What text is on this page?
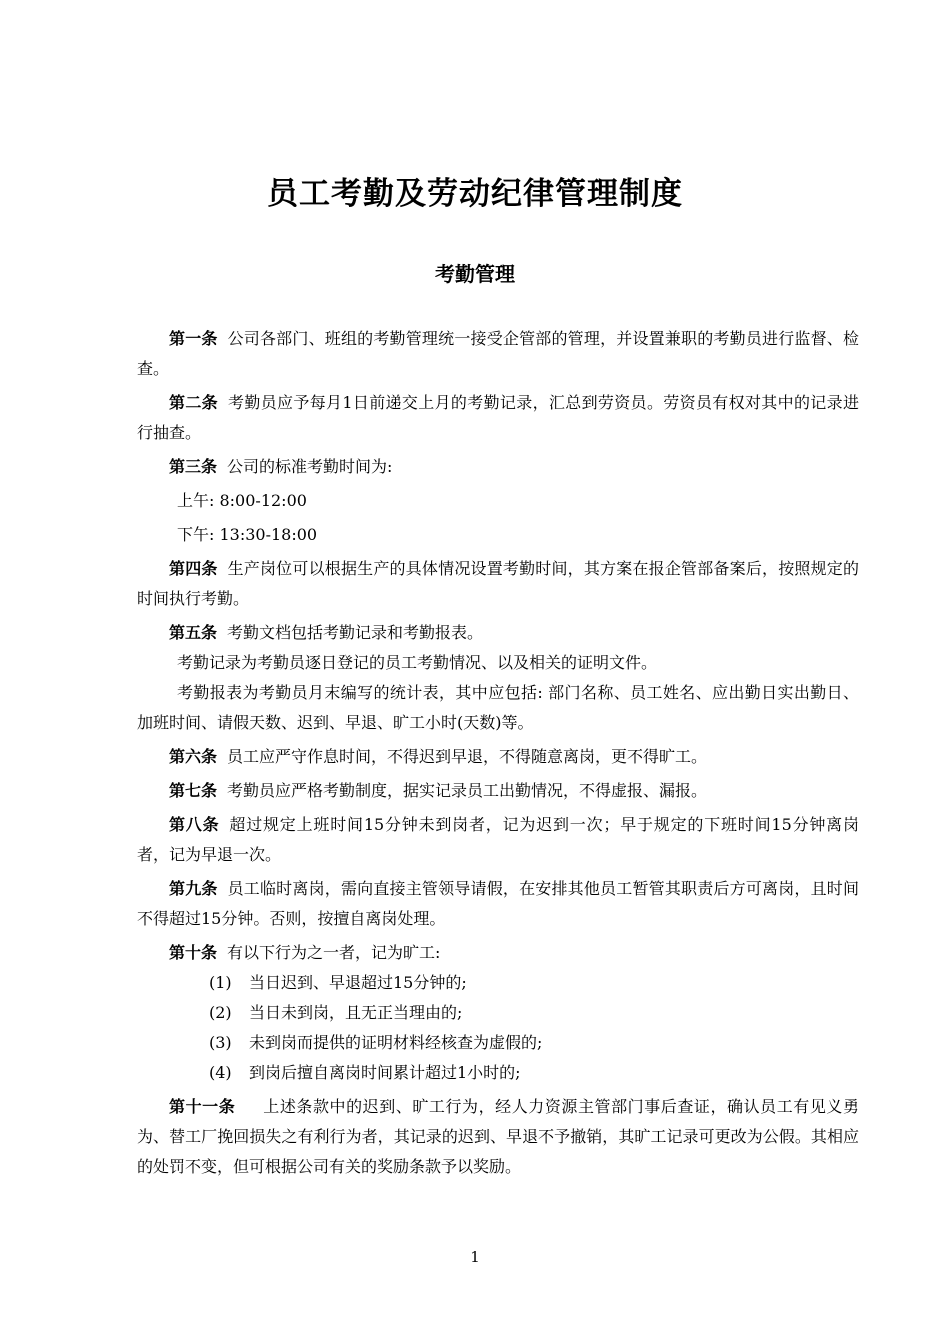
员工考勤及劳动纪律管理制度
考勤管理

第一条 公司各部门、班组的考勤管理统一接受企管部的管理，并设置兼职的考勤员进行监督、检查。

第二条 考勤员应予每月1日前递交上月的考勤记录，汇总到劳资员。劳资员有权对其中的记录进行抽查。

第三条 公司的标准考勤时间为:

上午: 8:00-12:00

下午: 13:30-18:00

第四条 生产岗位可以根据生产的具体情况设置考勤时间，其方案在报企管部备案后，按照规定的时间执行考勤。

第五条 考勤文档包括考勤记录和考勤报表。

考勤记录为考勤员逐日登记的员工考勤情况、以及相关的证明文件。

考勤报表为考勤员月末编写的统计表，其中应包括: 部门名称、员工姓名、应出勤日实出勤日、加班时间、请假天数、迟到、早退、旷工小时(天数)等。

第六条 员工应严守作息时间，不得迟到早退，不得随意离岗，更不得旷工。

第七条 考勤员应严格考勤制度，据实记录员工出勤情况，不得虚报、漏报。

第八条 超过规定上班时间15分钟未到岗者，记为迟到一次；早于规定的下班时间15分钟离岗者，记为早退一次。

第九条 员工临时离岗，需向直接主管领导请假，在安排其他员工暂管其职责后方可离岗，且时间不得超过15分钟。否则，按擅自离岗处理。

第十条 有以下行为之一者，记为旷工:

(1) 当日迟到、早退超过15分钟的;

(2) 当日未到岗，且无正当理由的;

(3) 未到岗而提供的证明材料经核查为虚假的;

(4) 到岗后擅自离岗时间累计超过1小时的;

第十一条 上述条款中的迟到、旷工行为，经人力资源主管部门事后查证，确认员工有见义勇为、替工厂挽回损失之有利行为者，其记录的迟到、早退不予撤销，其旷工记录可更改为公假。其相应的处罚不变，但可根据公司有关的奖励条款予以奖励。

1
